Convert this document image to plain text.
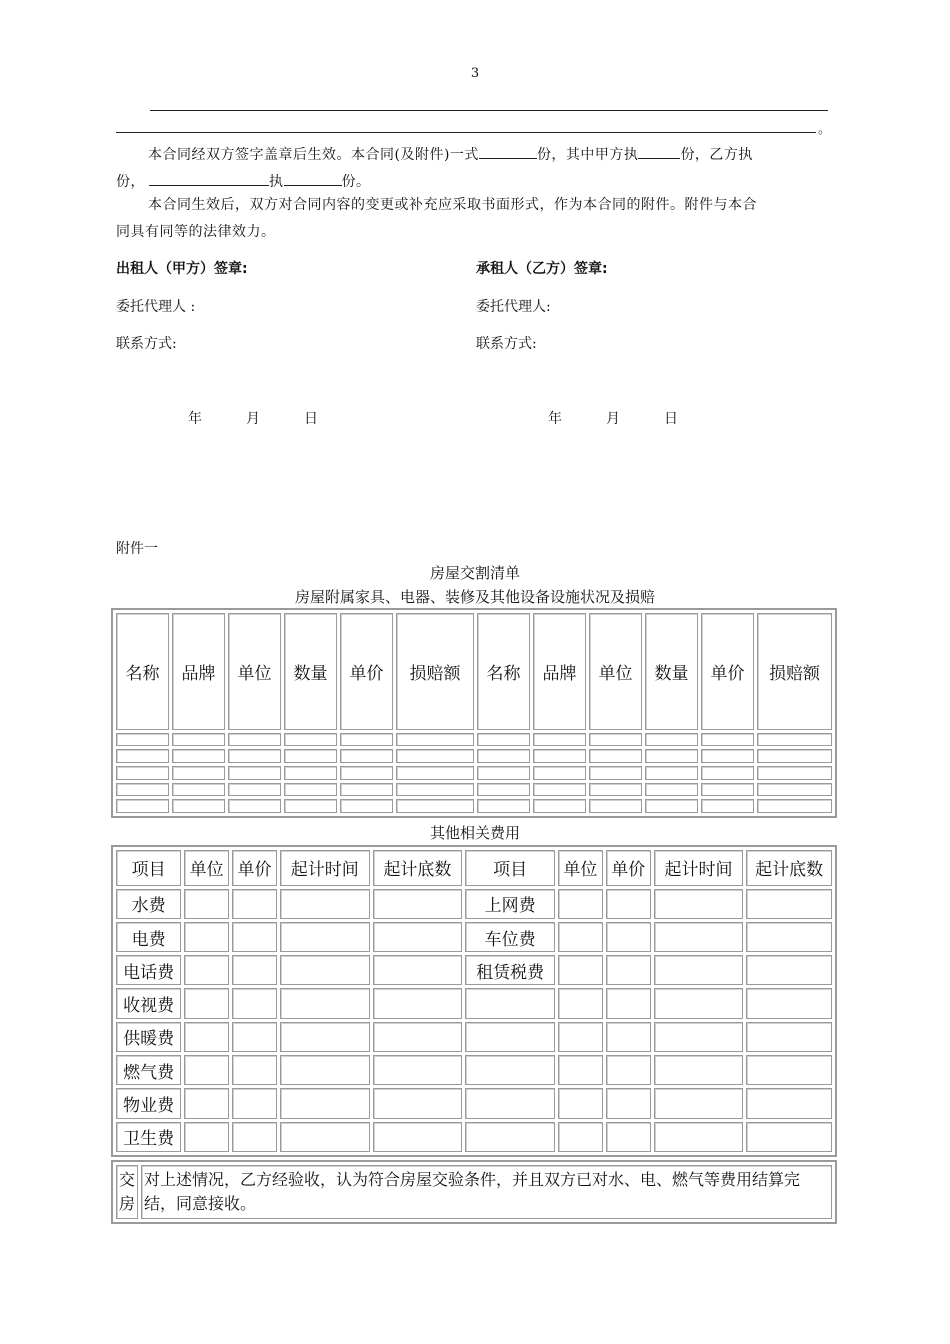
3
。
本合同经双方签字盖章后生效。本合同(及附件)一式	份，其中甲方执	份，乙方执
份，	执	份。
本合同生效后，双方对合同内容的变更或补充应采取书面形式，作为本合同的附件。附件与本合
同具有同等的法律效力。
出租人（甲方）签章:
委托代理人 :
联系方式:
年	月	日
承租人（乙方）签章:
委托代理人:
联系方式:
年	月	日
附件一
房屋交割清单
房屋附属家具、电器、装修及其他设备设施状况及损赔
名称	品牌	单位	数量	单价	损赔额	名称	品牌	单位	数量	单价	损赔额

其他相关费用
项目	单位	单价	起计时间	起计底数	项目	单位	单价	起计时间	起计底数
水费					上网费				
电费					车位费				
电话费					租赁税费				
收视费									
供暖费									
燃气费									
物业费									
卫生费									
交房	对上述情况，乙方经验收，认为符合房屋交验条件，并且双方已对水、电、燃气等费用结算完结，同意接收。
